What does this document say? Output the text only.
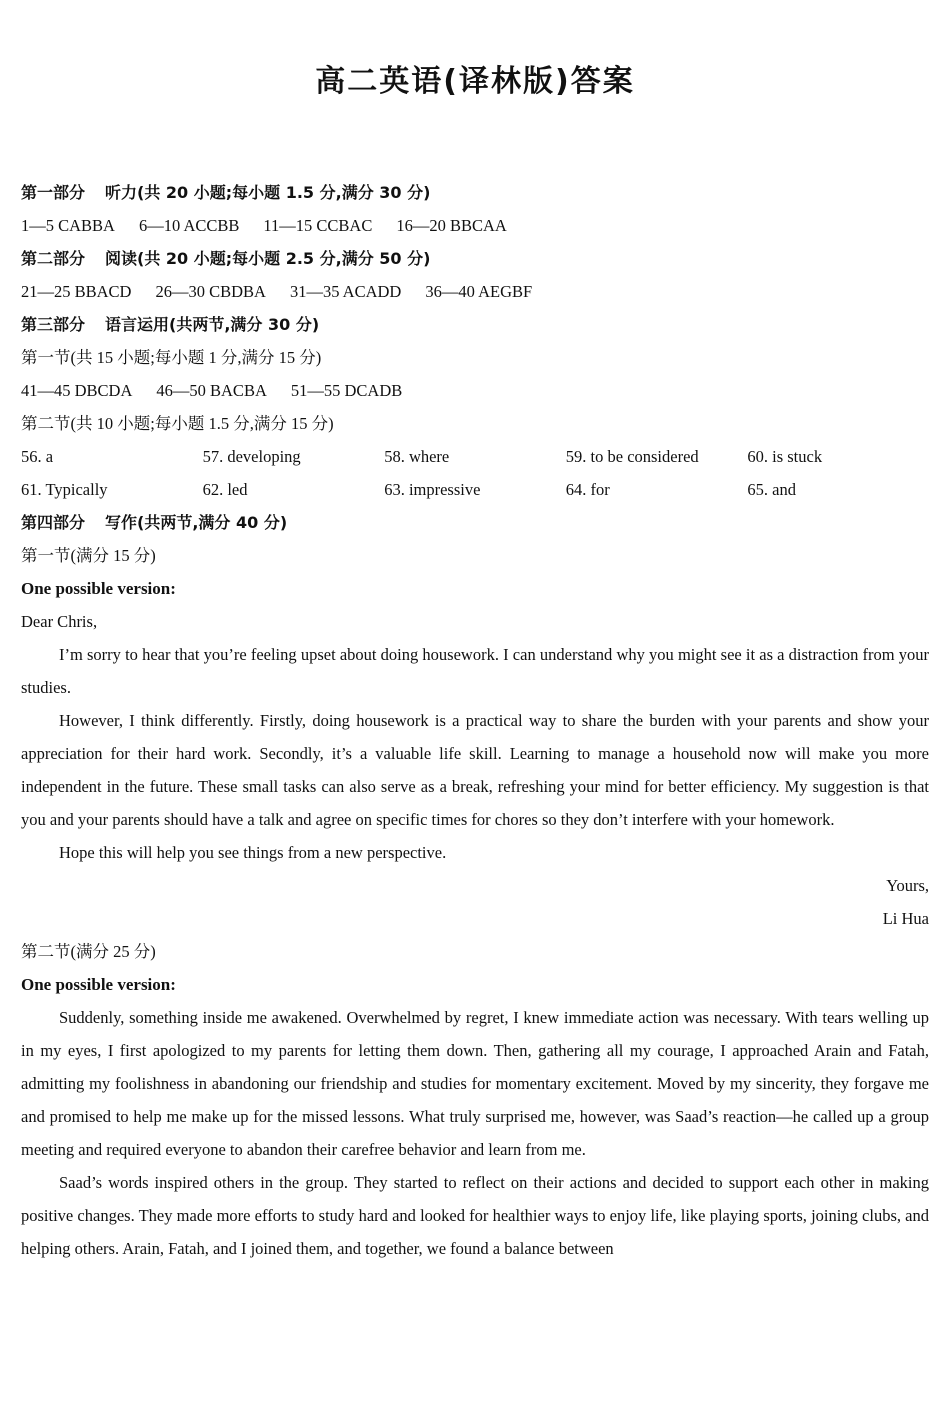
高二英语(译林版)答案
第一部分 听力(共 20 小题;每小题 1.5 分,满分 30 分)
1—5 CABBA 6—10 ACCBB 11—15 CCBAC 16—20 BBCAA
第二部分 阅读(共 20 小题;每小题 2.5 分,满分 50 分)
21—25 BBACD 26—30 CBDBA 31—35 ACADD 36—40 AEGBF
第三部分 语言运用(共两节,满分 30 分)
第一节(共 15 小题;每小题 1 分,满分 15 分)
41—45 DBCDA 46—50 BACBA 51—55 DCADB
第二节(共 10 小题;每小题 1.5 分,满分 15 分)
56. a	57. developing	58. where	59. to be considered	60. is stuck
61. Typically	62. led	63. impressive	64. for	65. and
第四部分 写作(共两节,满分 40 分)
第一节(满分 15 分)
One possible version:
Dear Chris,

I’m sorry to hear that you’re feeling upset about doing housework. I can understand why you might see it as a distraction from your studies.

However, I think differently. Firstly, doing housework is a practical way to share the burden with your parents and show your appreciation for their hard work. Secondly, it’s a valuable life skill. Learning to manage a household now will make you more independent in the future. These small tasks can also serve as a break, refreshing your mind for better efficiency. My suggestion is that you and your parents should have a talk and agree on specific times for chores so they don’t interfere with your homework.

Hope this will help you see things from a new perspective.

Yours,
Li Hua
第二节(满分 25 分)
One possible version:

Suddenly, something inside me awakened. Overwhelmed by regret, I knew immediate action was necessary. With tears welling up in my eyes, I first apologized to my parents for letting them down. Then, gathering all my courage, I approached Arain and Fatah, admitting my foolishness in abandoning our friendship and studies for momentary excitement. Moved by my sincerity, they forgave me and promised to help me make up for the missed lessons. What truly surprised me, however, was Saad’s reaction—he called up a group meeting and required everyone to abandon their carefree behavior and learn from me.

Saad’s words inspired others in the group. They started to reflect on their actions and decided to support each other in making positive changes. They made more efforts to study hard and looked for healthier ways to enjoy life, like playing sports, joining clubs, and helping others. Arain, Fatah, and I joined them, and together, we found a balance between
